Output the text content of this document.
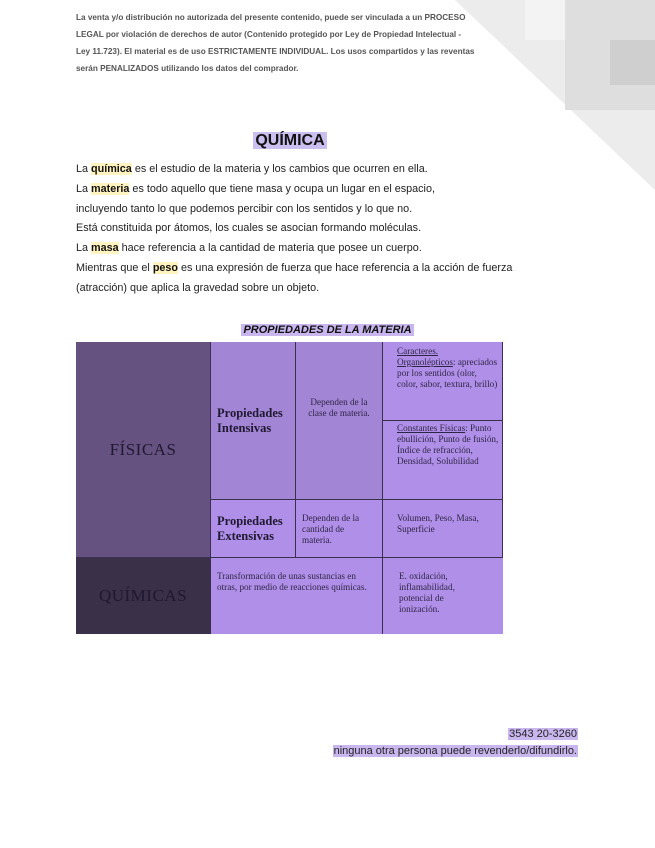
La venta y/o distribución no autorizada del presente contenido, puede ser vinculada a un PROCESO LEGAL por violación de derechos de autor (Contenido protegido por Ley de Propiedad Intelectual - Ley 11.723). El material es de uso ESTRICTAMENTE INDIVIDUAL. Los usos compartidos y las reventas serán PENALIZADOS utilizando los datos del comprador.

QUÍMICA
La química es el estudio de la materia y los cambios que ocurren en ella.
La materia es todo aquello que tiene masa y ocupa un lugar en el espacio,
incluyendo tanto lo que podemos percibir con los sentidos y lo que no.
Está constituida por átomos, los cuales se asocian formando moléculas.
La masa hace referencia a la cantidad de materia que posee un cuerpo.
Mientras que el peso es una expresión de fuerza que hace referencia a la acción de fuerza
(atracción) que aplica la gravedad sobre un objeto.
PROPIEDADES DE LA MATERIA
FÍSICAS
QUÍMICAS
Propiedades Intensivas
Dependen de la clase de materia.
Caracteres. Organolépticos: apreciados por los sentidos (olor, color, sabor, textura, brillo)
Constantes Físicas: Punto ebullición, Punto de fusión, Índice de refracción, Densidad, Solubilidad
Propiedades Extensivas
Dependen de la cantidad de materia.
Volumen, Peso, Masa, Superficie
Transformación de unas sustancias en otras, por medio de reacciones químicas.
E. oxidación, inflamabilidad, potencial de ionización.
3543 20-3260
ninguna otra persona puede revenderlo/difundirlo.
